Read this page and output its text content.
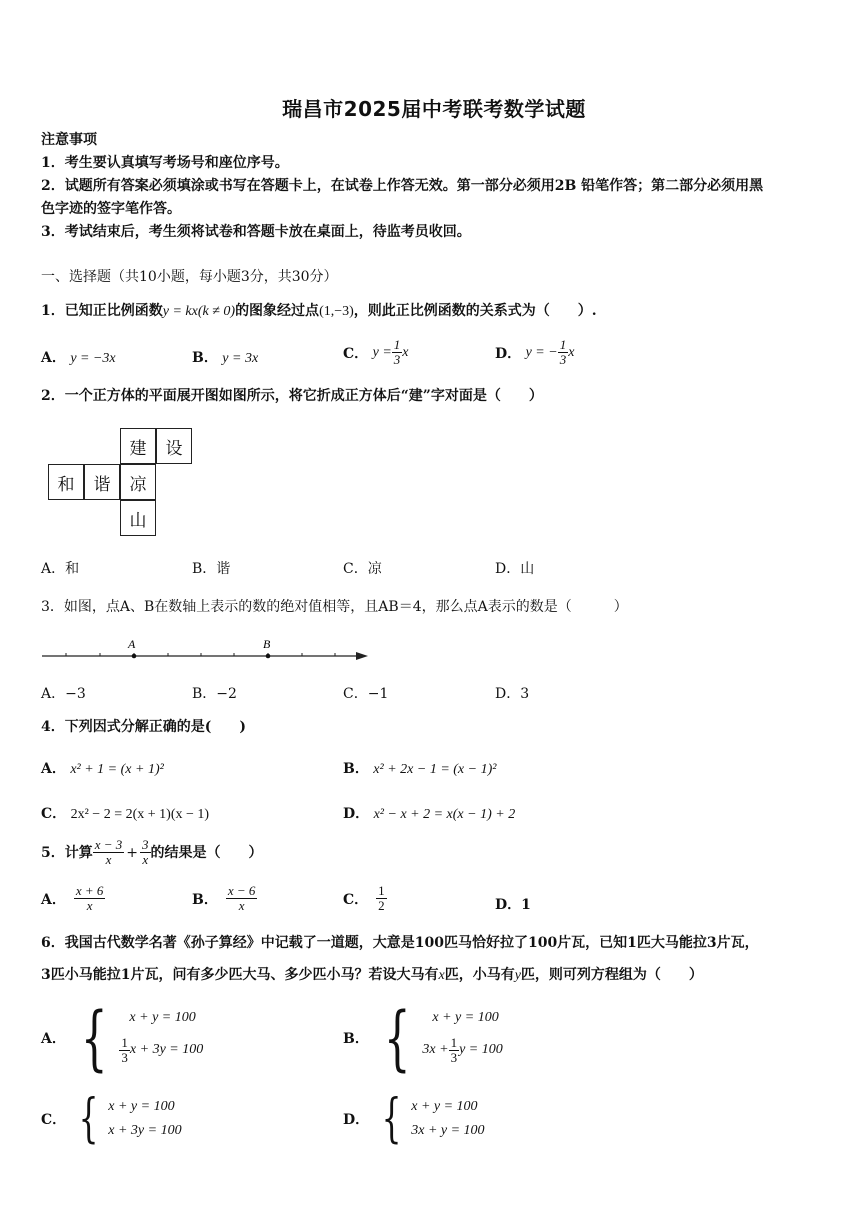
瑞昌市2025届中考联考数学试题
注意事项
1．考生要认真填写考场号和座位序号。
2．试题所有答案必须填涂或书写在答题卡上，在试卷上作答无效。第一部分必须用2B 铅笔作答；第二部分必须用黑
色字迹的签字笔作答。
3．考试结束后，考生须将试卷和答题卡放在桌面上，待监考员收回。
一、选择题（共10小题，每小题3分，共30分）
1．已知正比例函数y = kx(k ≠ 0)的图象经过点(1,−3)，则此正比例函数的关系式为（　　）.
A． y = −3x	B． y = 3x	C．
$y = \frac{1}{3}$ x	D．
y = − $\frac{1}{3}$ x
2．一个正方体的平面展开图如图所示，将它折成正方体后“建”字对面是（　　）
建	设
和	谐	凉
山
A．和	B．谐	C．凉	D．山
3．如图，点A、B在数轴上表示的数的绝对值相等，且AB＝4，那么点A表示的数是（　　　）
A	B
A．−3	B．−2	C．−1	D．3
4．下列因式分解正确的是(　　)
A． x² + 1 = (x + 1)²	B． x² + 2x − 1 = (x − 1)²
C． 2x² − 2 = 2(x + 1)(x − 1)	D． x² − x + 2 = x(x − 1) + 2
5．计算 $\frac{x - 3}{x} + \frac{3}{x}$ 的结果是（　　）
A． $\frac{x + 6}{x}$	B． $\frac{x - 6}{x}$	C． $\frac{1}{2}$	D．1
6．我国古代数学名著《孙子算经》中记载了一道题，大意是100匹马恰好拉了100片瓦，已知1匹大马能拉3片瓦，
3匹小马能拉1片瓦，问有多少匹大马、多少匹小马？若设大马有x匹，小马有y匹，则可列方程组为（　　）
A． {	x + y = 100
$\frac{1}{3}$ x + 3y = 100
B． {	x + y = 100
$3x + \frac{1}{3}$ y = 100
C． { x + y = 100
x + 3y = 100
D． { x + y = 100
3x + y = 100
